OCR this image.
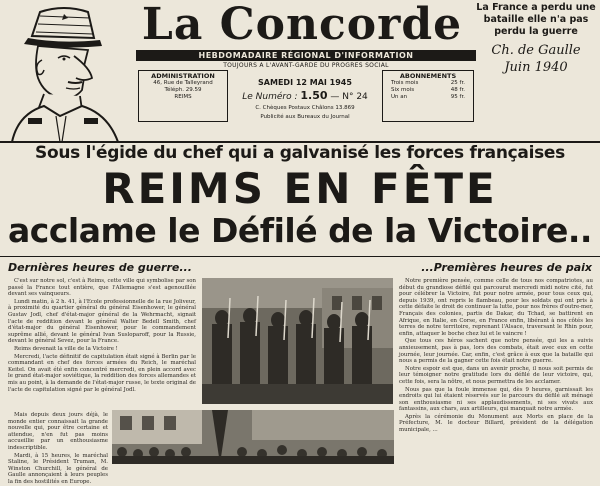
La Concorde
HEBDOMADAIRE RÉGIONAL D'INFORMATION
TOUJOURS A L'AVANT-GARDE DU PROGRES SOCIAL
ADMINISTRATION
46, Rue de Talleyrand
Téléph. 29.59
REIMS
SAMEDI 12 MAI 1945
Le Numéro : 1.50 — N° 24
C. Chèques Postaux Châlons 13.869
Publicité aux Bureaux du Journal
ABONNEMENTS
Trois mois	25 fr.
Six mois	48 fr.
Un an	95 fr.
La France a perdu une bataille elle n'a pas perdu la guerre
Ch. de Gaulle
Juin 1940
Sous l'égide du chef qui a galvanisé les forces françaises
REIMS EN FÊTE
acclame le Défilé de la Victoire..
Dernières heures de guerre...	...Premières heures de paix

C'est sur notre sol, c'est à Reims, cette ville qui symbolise par son passé la France tout entière, que l'Allemagne s'est agenouillée devant ses vainqueurs.

Lundi matin, à 2 h. 41, à l'Ecole professionnelle de la rue Joliveur, à proximité du quartier général du général Eisenhower, le général Gustav Jodl, chef d'état-major général de la Wehrmacht, signait l'acte de reddition devant le général Walter Bedell Smith, chef d'état-major du général Eisenhower, pour le commandement suprême allié, devant le général Ivan Susloparoff, pour la Russie, devant le général Sevez, pour la France.

Reims devenait la ville de la Victoire !

Mercredi, l'acte définitif de capitulation était signé à Berlin par le commandant en chef des forces armées du Reich, le maréchal Keitel. On avait été enfin concentré mercredi, en plein accord avec le grand état-major soviétique, la reddition des forces allemandes et mis au point, à la demande de l'état-major russe, le texte original de l'acte de capitulation signé par le général Jodl.

Mais depuis deux jours déjà, le monde entier connaissait la grande nouvelle qui, pour être certaine et attendue, n'en fut pas moins accueillie par un enthousiasme indescriptible.

Mardi, à 15 heures, le maréchal Staline, le Président Truman, M. Winston Churchill, le général de Gaulle annonçaient à leurs peuples la fin des hostilités en Europe.

Notre première pensée, comme celle de tous nos compatriotes, au début du grandiose défilé qui parcourut mercredi midi notre cité, fut pour célébrer la Victoire, fut pour notre armée, pour tous ceux qui, depuis 1939, ont repris le flambeau, pour les soldats qui ont pris à cette défaite le droit de continuer la lutte, pour nos frères d'outre-mer, Français des colonies, partis de Dakar, du Tchad, se battirent en Afrique, en Italie, en Corse, en France enfin, libérant à nos côtés les terres de notre territoire, reprenant l'Alsace, traversant le Rhin pour, enfin, attaquer le boche chez lui et le vaincre !

Que tous ces héros sachent que notre pensée, qui les a suivis anxieusement, pas à pas, lors des combats, était avec eux en cette journée, leur journée. Car, enfin, c'est grâce à eux que la bataille qui nous a permis de la gagner cette fois était notre guerre.

Notre espoir est que, dans un avenir proche, il nous soit permis de leur témoigner notre gratitude lors du défilé de leur victoire, qui, cette fois, sera la nôtre, et nous permettra de les acclamer.

Nous pas que la foule immense qui, dès 9 heures, garnissait les endroits qui lui étaient réservés sur le parcours du défilé ait ménagé son enthousiasme ni ses applaudissements, ni ses vivats aux fantassins, aux chars, aux artilleurs, qui manquait notre armée.

Après la cérémonie du Monument aux Morts en place de la Préfecture, M. le docteur Billard, président de la délégation municipale, ...
